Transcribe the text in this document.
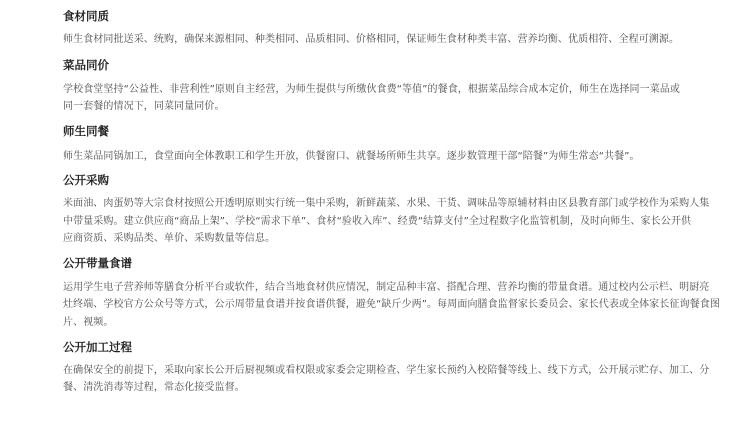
食材同质
师生食材同批送采、统购，确保来源相同、种类相同、品质相同、价格相同，保证师生食材种类丰富、营养均衡、优质相符、全程可溯源。
菜品同价
学校食堂坚持“公益性、非营利性”原则自主经营，为师生提供与所缴伙食费“等值”的餐食，根据菜品综合成本定价，师生在选择同一菜品或
同一套餐的情况下，同菜同量同价。
师生同餐
师生菜品同锅加工，食堂面向全体教职工和学生开放，供餐窗口、就餐场所师生共享。逐步数管理干部“陪餐”为师生常态“共餐”。
公开采购
米面油、肉蛋奶等大宗食材按照公开透明原则实行统一集中采购，新鲜蔬菜、水果、干货、调味品等原辅材料由区县教育部门或学校作为采购人集
中带量采购。建立供应商“商品上架”、学校“需求下单”、食材“验收入库”、经费“结算支付”全过程数字化监管机制，及时向师生、家长公开供
应商资质、采购品类、单价、采购数量等信息。
公开带量食谱
运用学生电子营养师等膳食分析平台或软件，结合当地食材供应情况，制定品种丰富、搭配合理、营养均衡的带量食谱。通过校内公示栏、明厨亮
灶终端、学校官方公众号等方式，公示周带量食谱并按食谱供餐，避免“缺斤少两”。每周面向膳食监督家长委员会、家长代表或全体家长征询餐食图
片、视频。
公开加工过程
在确保安全的前提下，采取向家长公开后厨视频或看权限或家委会定期检查、学生家长预约入校陪餐等线上、线下方式，公开展示贮存、加工、分
餐、清洗消毒等过程，常态化接受监督。
